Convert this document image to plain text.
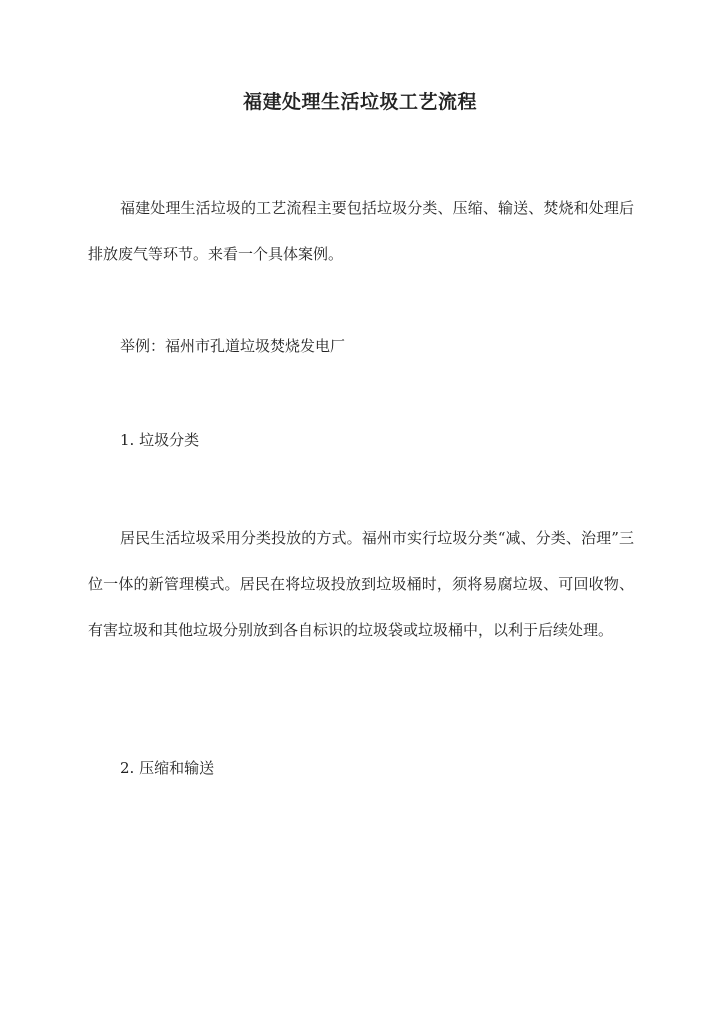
福建处理生活垃圾工艺流程

福建处理生活垃圾的工艺流程主要包括垃圾分类、压缩、输送、焚烧和处理后排放废气等环节。来看一个具体案例。

举例：福州市孔道垃圾焚烧发电厂

1. 垃圾分类

居民生活垃圾采用分类投放的方式。福州市实行垃圾分类“减、分类、治理”三位一体的新管理模式。居民在将垃圾投放到垃圾桶时，须将易腐垃圾、可回收物、有害垃圾和其他垃圾分别放到各自标识的垃圾袋或垃圾桶中，以利于后续处理。

2. 压缩和输送
